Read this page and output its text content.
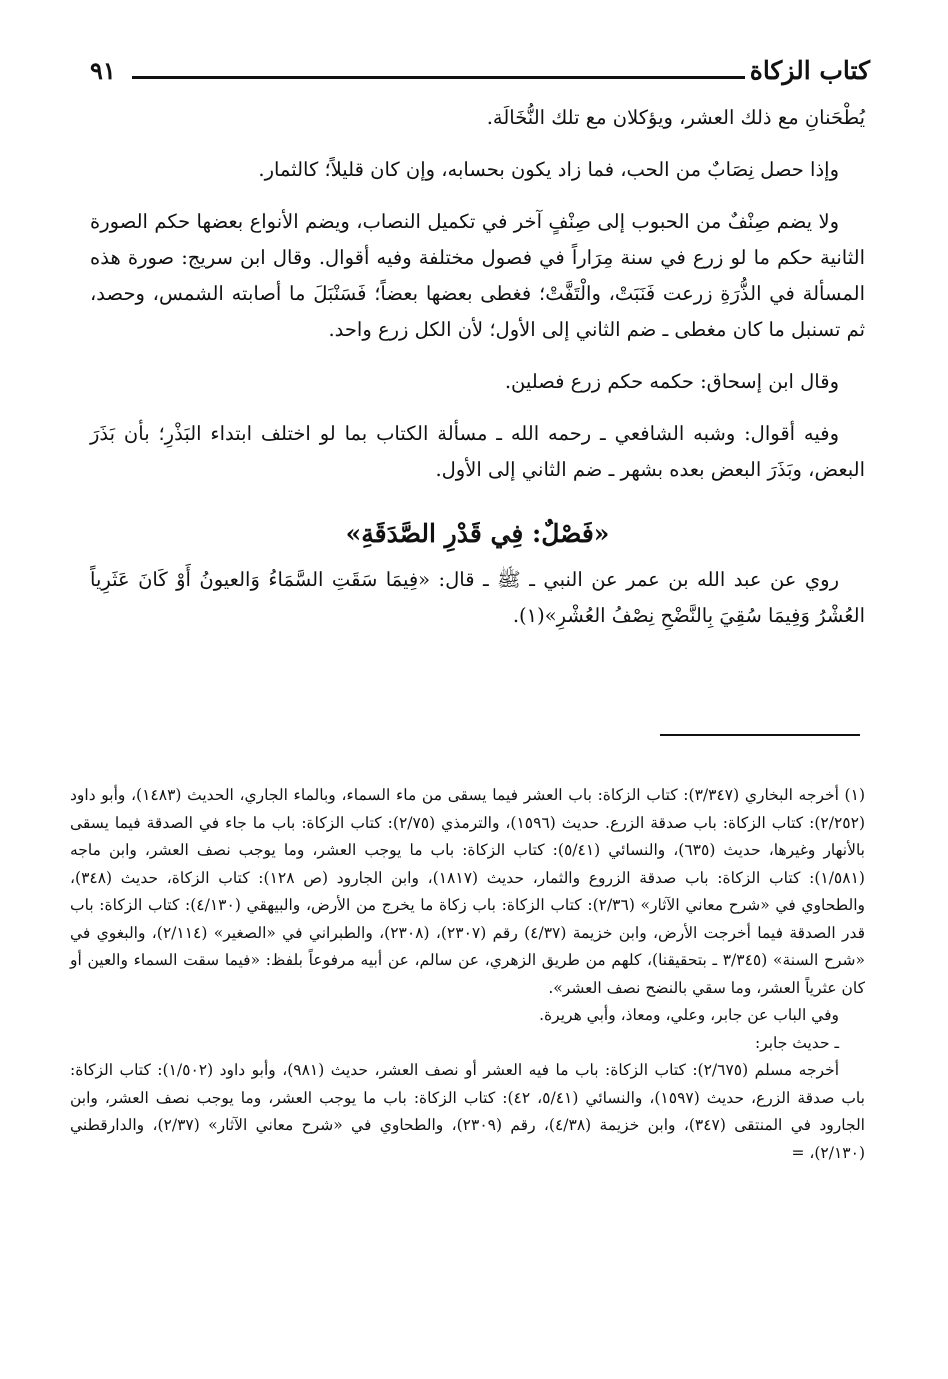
كتاب الزكاة
٩١

يُطْحَنانِ مع ذلك العشر، ويؤكلان مع تلك النُّخَالَة.

وإذا حصل نِصَابٌ من الحب، فما زاد يكون بحسابه، وإن كان قليلاً؛ كالثمار.

ولا يضم صِنْفٌ من الحبوب إلى صِنْفٍ آخر في تكميل النصاب، ويضم الأنواع بعضها حكم الصورة الثانية حكم ما لو زرع في سنة مِرَاراً في فصول مختلفة وفيه أقوال. وقال ابن سريج: صورة هذه المسألة في الذُّرَةِ زرعت فَنَبَتْ، والْتَفَّتْ؛ فغطى بعضها بعضاً؛ فَسَنْبَلَ ما أصابته الشمس، وحصد، ثم تسنبل ما كان مغطى ـ ضم الثاني إلى الأول؛ لأن الكل زرع واحد.

وقال ابن إسحاق: حكمه حكم زرع فصلين.

وفيه أقوال: وشبه الشافعي ـ رحمه الله ـ مسألة الكتاب بما لو اختلف ابتداء البَذْرِ؛ بأن بَذَرَ البعض، وبَذَرَ البعض بعده بشهر ـ ضم الثاني إلى الأول.

«فَصْلٌ: فِي قَدْرِ الصَّدَقَةِ»

روي عن عبد الله بن عمر عن النبي ـ ﷺ ـ قال: «فِيمَا سَقَتِ السَّمَاءُ وَالعيونُ أَوْ كَانَ عَثَرِياً العُشْرُ وَفِيمَا سُقِيَ بِالنَّضْحِ نِصْفُ العُشْرِ»(١).

(١) أخرجه البخاري (٣/٣٤٧): كتاب الزكاة: باب العشر فيما يسقى من ماء السماء، وبالماء الجاري، الحديث (١٤٨٣)، وأبو داود (٢/٢٥٢): كتاب الزكاة: باب صدقة الزرع. حديث (١٥٩٦)، والترمذي (٢/٧٥): كتاب الزكاة: باب ما جاء في الصدقة فيما يسقى بالأنهار وغيرها، حديث (٦٣٥)، والنسائي (٥/٤١): كتاب الزكاة: باب ما يوجب العشر، وما يوجب نصف العشر، وابن ماجه (١/٥٨١): كتاب الزكاة: باب صدقة الزروع والثمار، حديث (١٨١٧)، وابن الجارود (ص ١٢٨): كتاب الزكاة، حديث (٣٤٨)، والطحاوي في «شرح معاني الآثار» (٢/٣٦): كتاب الزكاة: باب زكاة ما يخرج من الأرض، والبيهقي (٤/١٣٠): كتاب الزكاة: باب قدر الصدقة فيما أخرجت الأرض، وابن خزيمة (٤/٣٧) رقم (٢٣٠٧)، (٢٣٠٨)، والطبراني في «الصغير» (٢/١١٤)، والبغوي في «شرح السنة» (٣/٣٤٥ ـ بتحقيقنا)، كلهم من طريق الزهري، عن سالم، عن أبيه مرفوعاً بلفظ: «فيما سقت السماء والعين أو كان عثرياً العشر، وما سقي بالنضح نصف العشر».

وفي الباب عن جابر، وعلي، ومعاذ، وأبي هريرة.

ـ حديث جابر:

أخرجه مسلم (٢/٦٧٥): كتاب الزكاة: باب ما فيه العشر أو نصف العشر، حديث (٩٨١)، وأبو داود (١/٥٠٢): كتاب الزكاة: باب صدقة الزرع، حديث (١٥٩٧)، والنسائي (٥/٤١، ٤٢): كتاب الزكاة: باب ما يوجب العشر، وما يوجب نصف العشر، وابن الجارود في المنتقى (٣٤٧)، وابن خزيمة (٤/٣٨)، رقم (٢٣٠٩)، والطحاوي في «شرح معاني الآثار» (٢/٣٧)، والدارقطني (٢/١٣٠)، =
